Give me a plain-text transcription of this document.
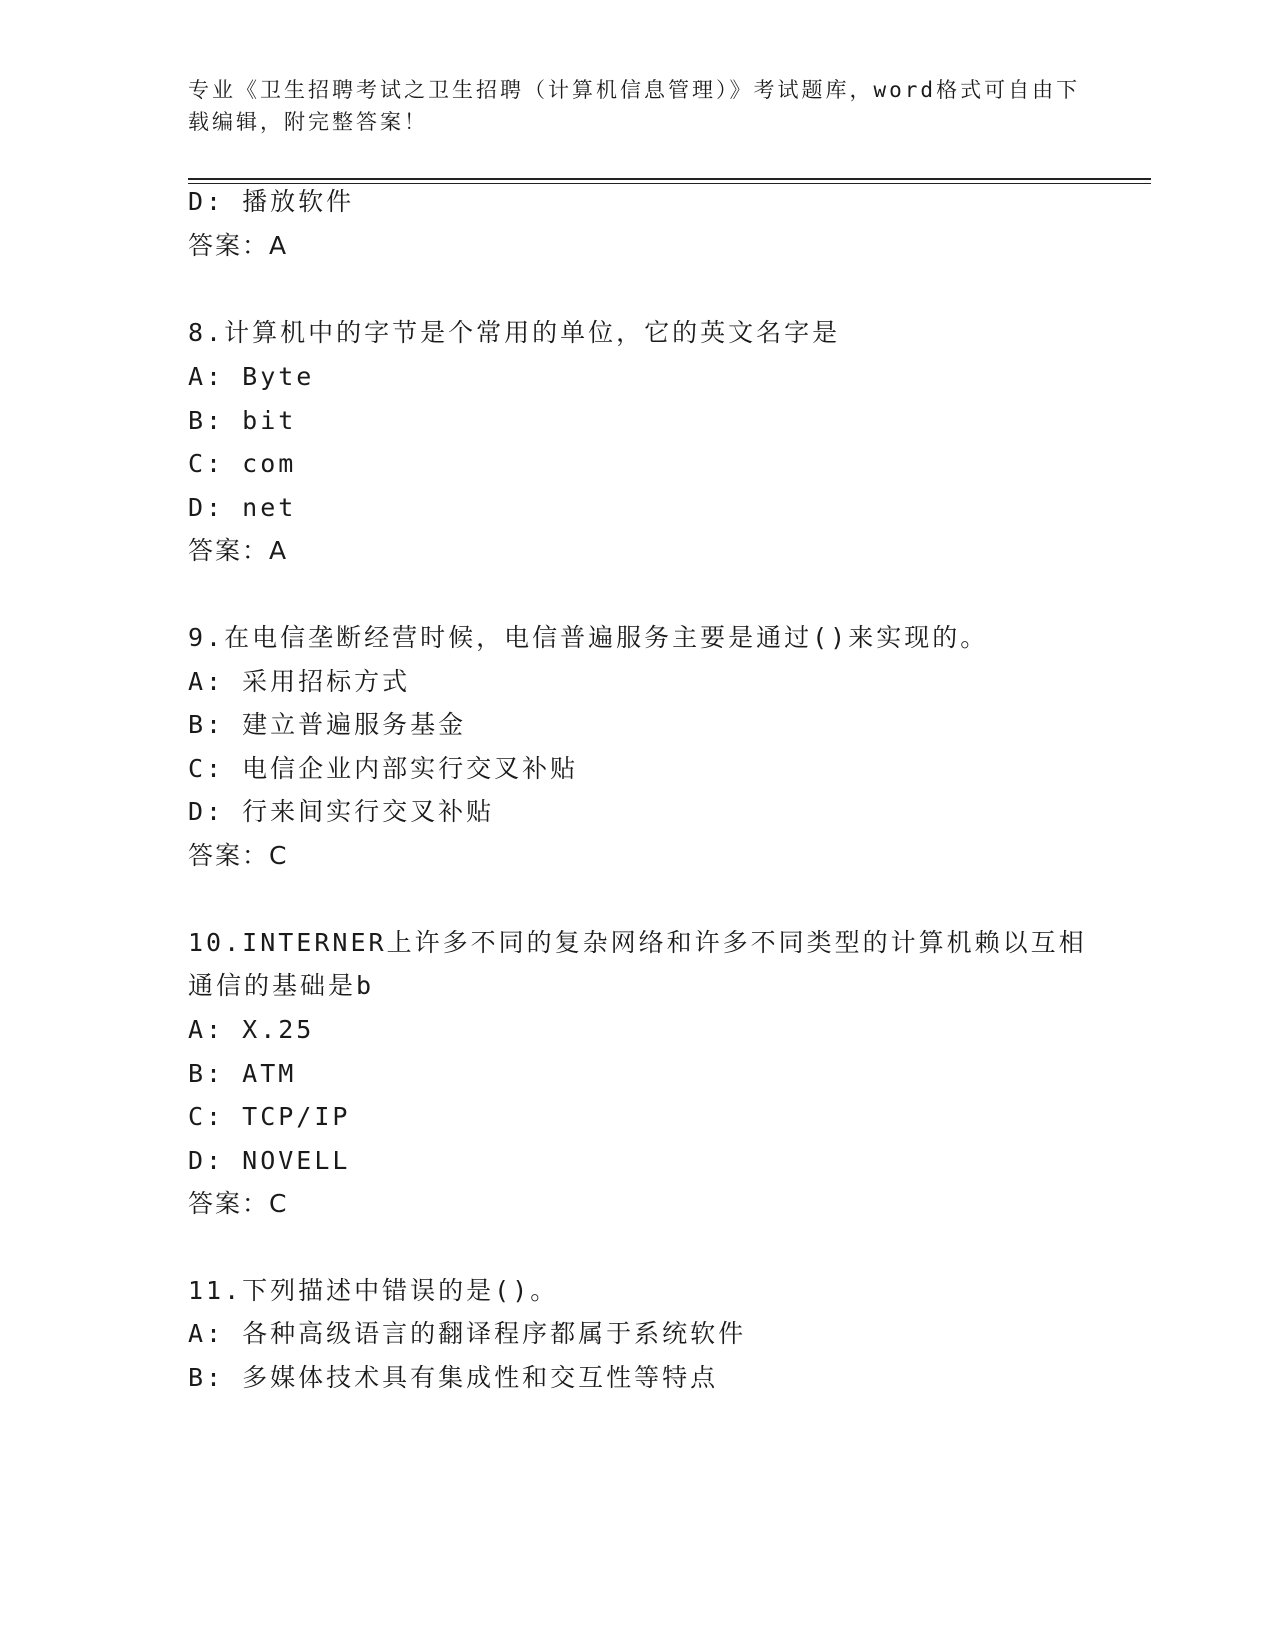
专业《卫生招聘考试之卫生招聘（计算机信息管理）》考试题库，word格式可自由下载编辑，附完整答案！
D: 播放软件
答案：A
8.计算机中的字节是个常用的单位，它的英文名字是
A: Byte
B: bit
C: com
D: net
答案：A
9.在电信垄断经营时候，电信普遍服务主要是通过()来实现的。
A: 采用招标方式
B: 建立普遍服务基金
C: 电信企业内部实行交叉补贴
D: 行来间实行交叉补贴
答案：C
10.INTERNER上许多不同的复杂网络和许多不同类型的计算机赖以互相
通信的基础是b
A: X.25
B: ATM
C: TCP/IP
D: NOVELL
答案：C
11.下列描述中错误的是()。
A: 各种高级语言的翻译程序都属于系统软件
B: 多媒体技术具有集成性和交互性等特点
